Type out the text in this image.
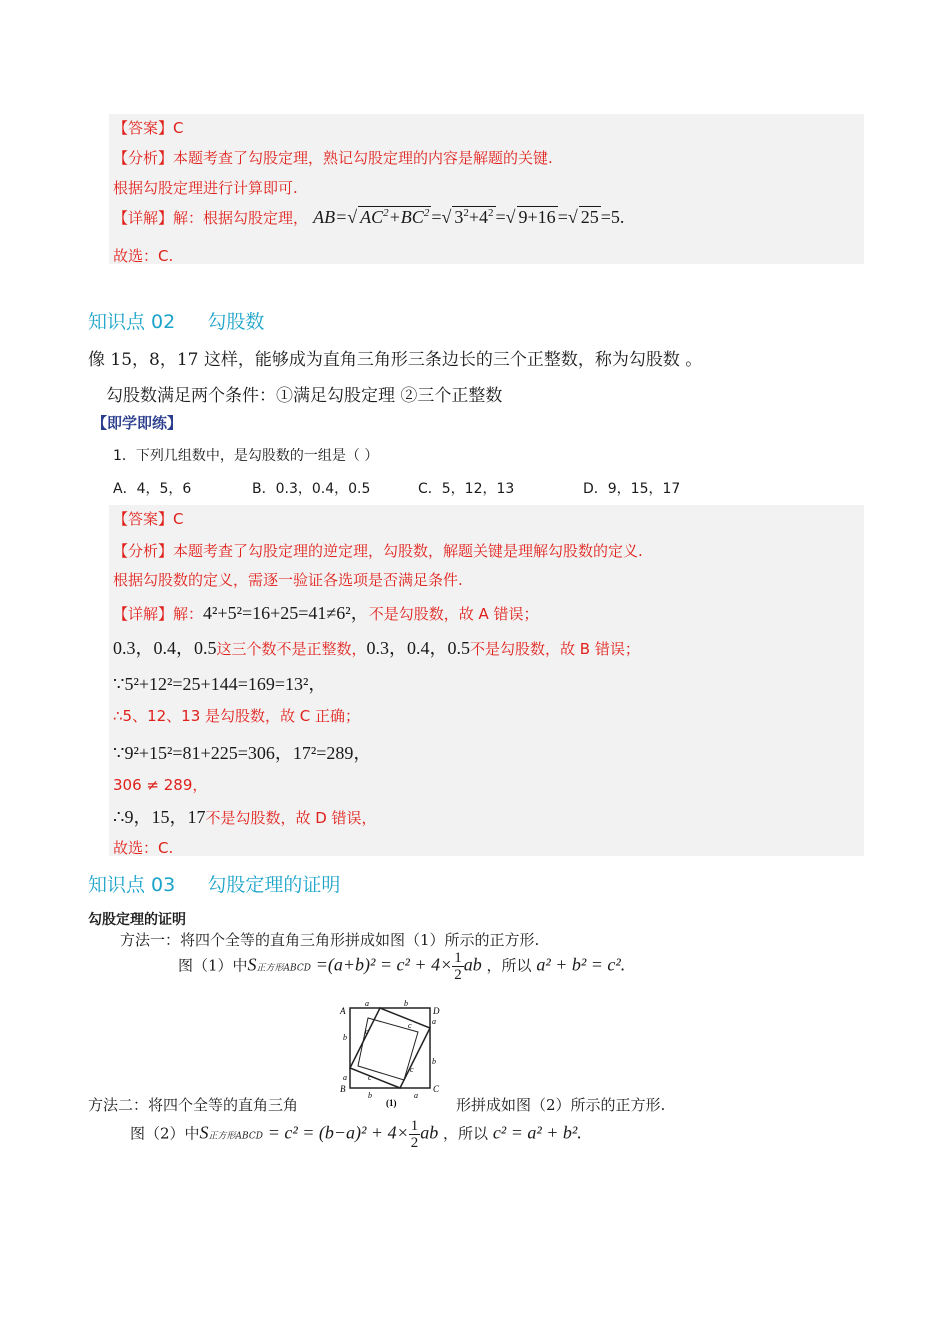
【答案】C
【分析】本题考查了勾股定理，熟记勾股定理的内容是解题的关键.
根据勾股定理进行计算即可.
【详解】解：根据勾股定理， AB=√ $AC^2+BC^2$ =√ $3^2+4^2$ =√ 9+16 =√ 25 =5.
故选：C.
知识点 02 勾股数
像 15，8，17 这样，能够成为直角三角形三条边长的三个正整数，称为勾股数 。
勾股数满足两个条件：①满足勾股定理 ②三个正整数
【即学即练】
1．下列几组数中，是勾股数的一组是（ ）
A．4，5，6	B．0.3，0.4，0.5	C．5，12，13	D．9，15，17
【答案】C
【分析】本题考查了勾股定理的逆定理，勾股数，解题关键是理解勾股数的定义.
根据勾股数的定义，需逐一验证各选项是否满足条件.
【详解】解：4²+5²=16+25=41≠6²，不是勾股数，故 A 错误；
0.3，0.4，0.5这三个数不是正整数，0.3，0.4，0.5不是勾股数，故 B 错误；
∵5²+12²=25+144=169=13²，
∴5、12、13 是勾股数，故 C 正确；
∵9²+15²=81+225=306，17²=289，
306 ≠ 289，
∴9，15，17不是勾股数，故 D 错误，
故选：C.
知识点 03 勾股定理的证明
勾股定理的证明
方法一：将四个全等的直角三角形拼成如图（1）所示的正方形.
图（1）中S正方形ABCD $=(a+b)^2 = c^2 + 4\times \frac{1}{2}$ ab ，所以 a² + b² = c².
A	D
B	C
a	b
b
a
a
b
c
c
c
c
b	a
(1)
方法二：将四个全等的直角三角	形拼成如图（2）所示的正方形.
图（2）中S正方形ABCD = $c^2 = (b-a)^2 + 4\times \frac{1}{2}$ ab ，所以 c² = a² + b².
